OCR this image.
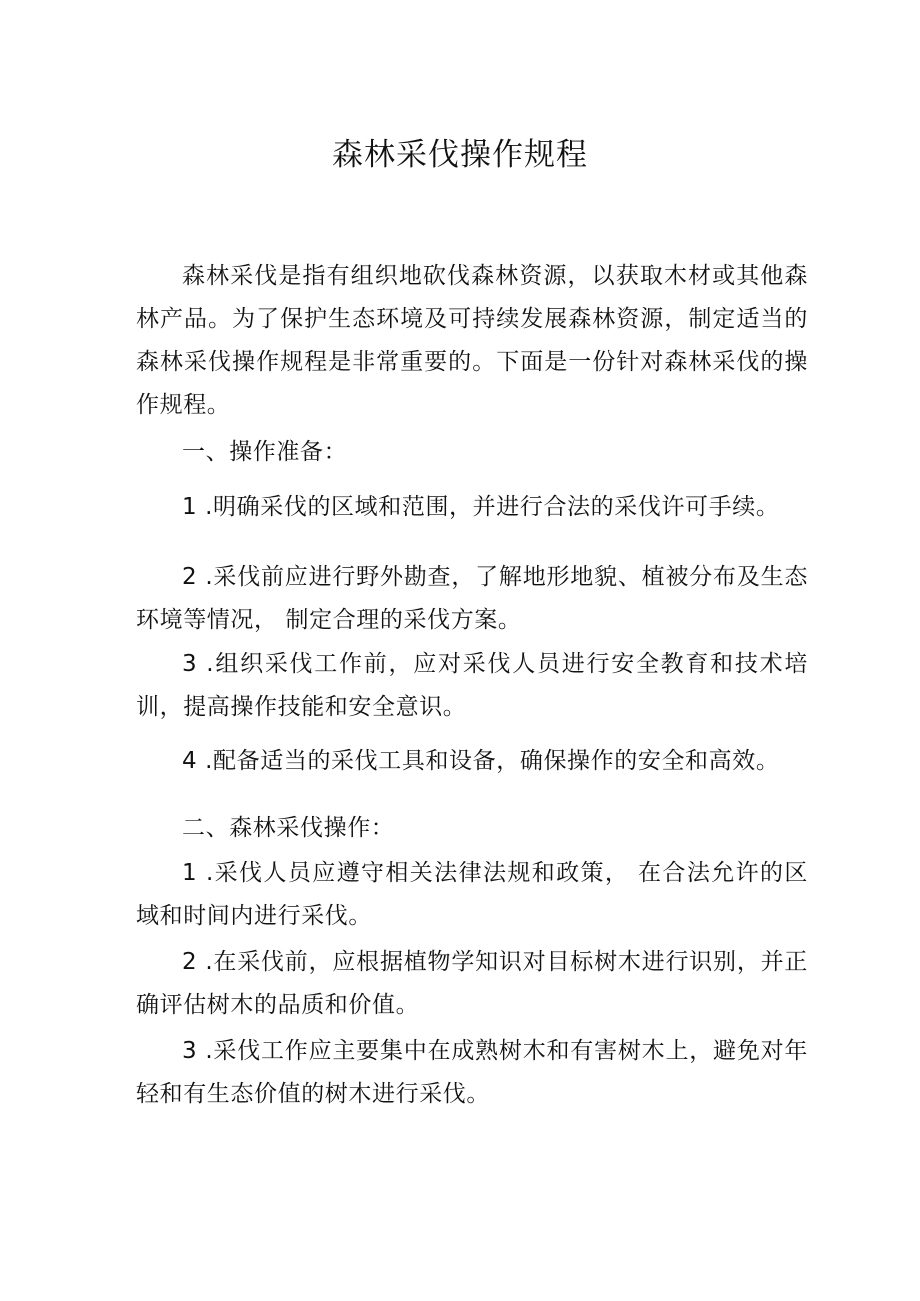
森林采伐操作规程

森林采伐是指有组织地砍伐森林资源，以获取木材或其他森林产品。为了保护生态环境及可持续发展森林资源，制定适当的森林采伐操作规程是非常重要的。下面是一份针对森林采伐的操作规程。

一、操作准备：

1 .明确采伐的区域和范围，并进行合法的采伐许可手续。

2 .采伐前应进行野外勘查，了解地形地貌、植被分布及生态环境等情况， 制定合理的采伐方案。

3 .组织采伐工作前，应对采伐人员进行安全教育和技术培训，提高操作技能和安全意识。

4 .配备适当的采伐工具和设备，确保操作的安全和高效。

二、森林采伐操作：

1 .采伐人员应遵守相关法律法规和政策， 在合法允许的区域和时间内进行采伐。

2 .在采伐前，应根据植物学知识对目标树木进行识别，并正确评估树木的品质和价值。

3 .采伐工作应主要集中在成熟树木和有害树木上，避免对年轻和有生态价值的树木进行采伐。
